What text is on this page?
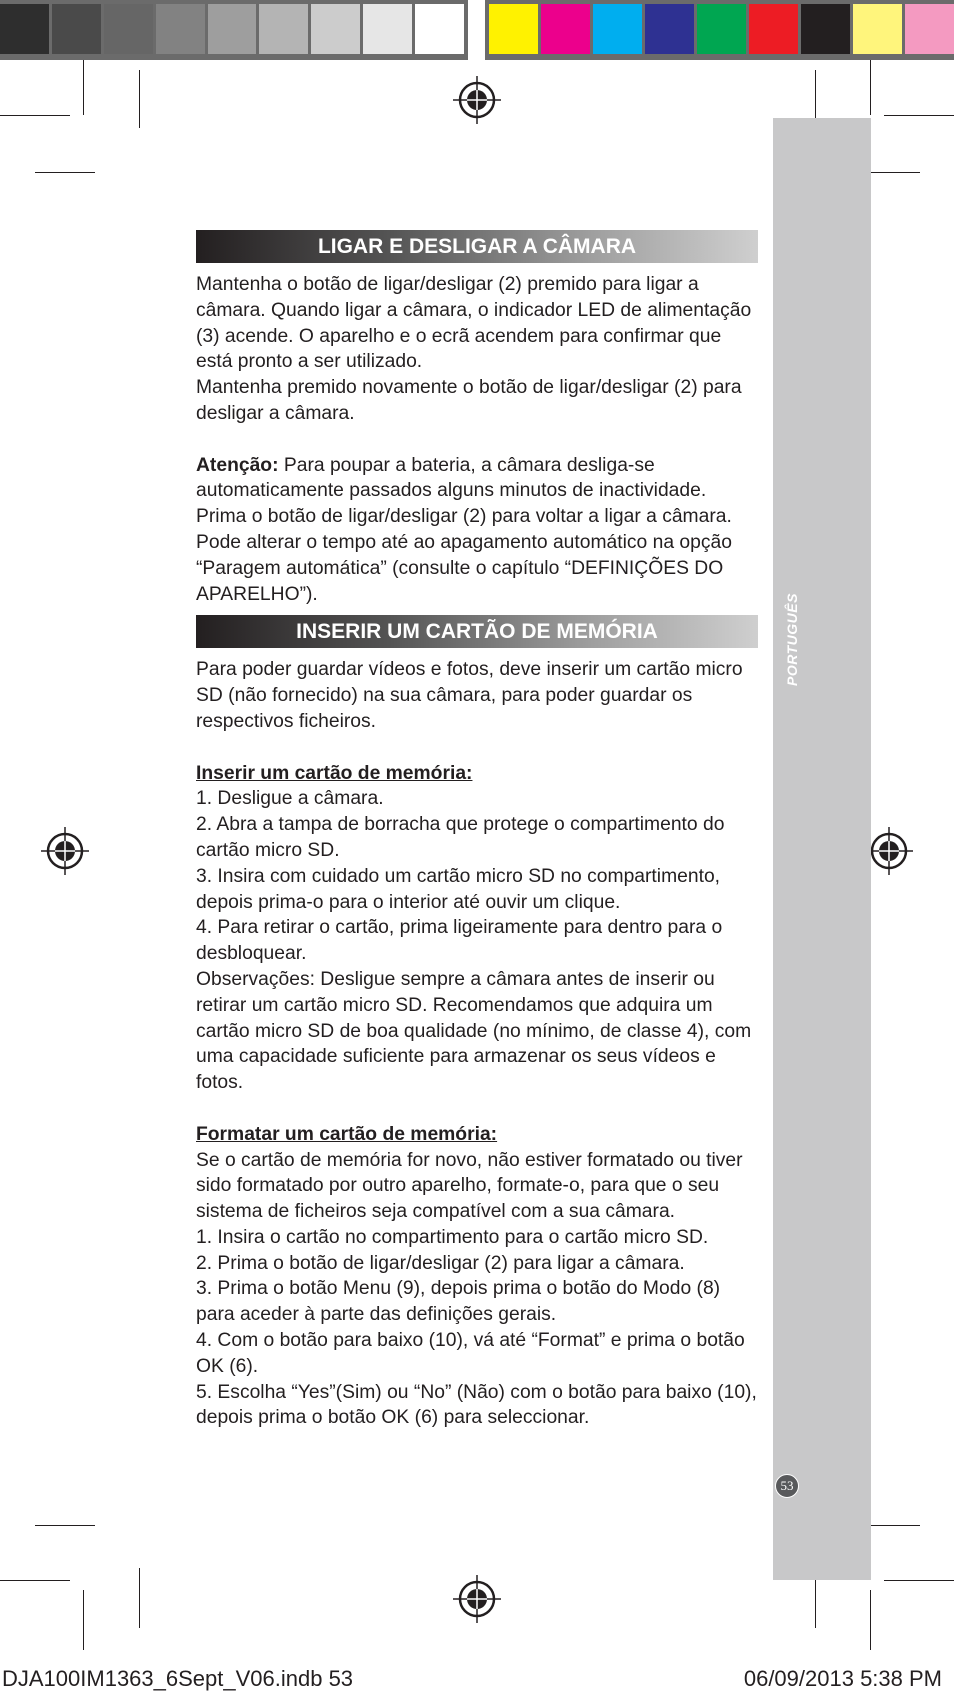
PORTUGUÊS
53
LIGAR E DESLIGAR A CÂMARA

Mantenha o botão de ligar/desligar (2) premido para ligar a câmara. Quando ligar a câmara, o indicador LED de alimentação (3) acende. O aparelho e o ecrã acendem para confirmar que está pronto a ser utilizado.

Mantenha premido novamente o botão de ligar/desligar (2) para desligar a câmara.

Atenção: Para poupar a bateria, a câmara desliga-se automaticamente passados alguns minutos de inactividade. Prima o botão de ligar/desligar (2) para voltar a ligar a câmara. Pode alterar o tempo até ao apagamento automático na opção “Paragem automática” (consulte o capítulo “DEFINIÇÕES DO APARELHO”).

INSERIR UM CARTÃO DE MEMÓRIA

Para poder guardar vídeos e fotos, deve inserir um cartão micro SD (não fornecido) na sua câmara, para poder guardar os respectivos ficheiros.

Inserir um cartão de memória:

1. Desligue a câmara.

2. Abra a tampa de borracha que protege o compartimento do cartão micro SD.

3. Insira com cuidado um cartão micro SD no compartimento, depois prima-o para o interior até ouvir um clique.

4. Para retirar o cartão, prima ligeiramente para dentro para o desbloquear.

Observações: Desligue sempre a câmara antes de inserir ou retirar um cartão micro SD. Recomendamos que adquira um cartão micro SD de boa qualidade (no mínimo, de classe 4), com uma capacidade suficiente para armazenar os seus vídeos e fotos.

Formatar um cartão de memória:

Se o cartão de memória for novo, não estiver formatado ou tiver sido formatado por outro aparelho, formate-o, para que o seu sistema de ficheiros seja compatível com a sua câmara.

1. Insira o cartão no compartimento para o cartão micro SD.

2. Prima o botão de ligar/desligar (2) para ligar a câmara.

3. Prima o botão Menu (9), depois prima o botão do Modo (8) para aceder à parte das definições gerais.

4. Com o botão para baixo (10), vá até “Format” e prima o botão OK (6).

5. Escolha “Yes”(Sim) ou “No” (Não) com o botão para baixo (10), depois prima o botão OK (6) para seleccionar.

DJA100IM1363_6Sept_V06.indb 53	06/09/2013 5:38 PM
